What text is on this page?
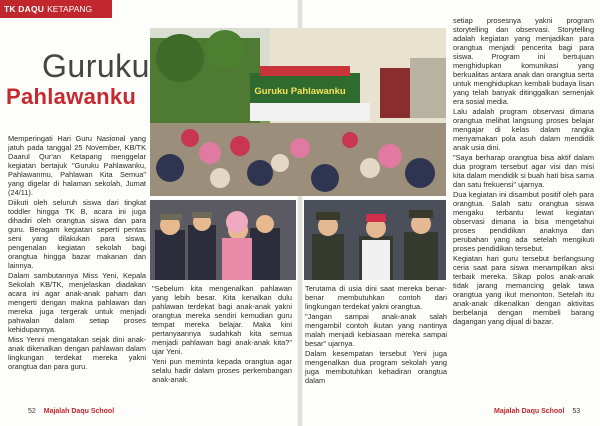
TK DAQU KETAPANG
Guruku
Pahlawanku	Guruku Pahlawanku

Memperingati Hari Guru Nasional yang jatuh pada tanggal 25 November, KB/TK Daarul Qur'an Ketapang menggelar kegiatan bertajuk "Guruku Pahlawanku, Pahlawanmu, Pahlawan Kita Semua" yang digelar di halaman sekolah, Jumat (24/11).

Diikuti oleh seluruh siswa dari tingkat toddler hingga TK B, acara ini juga dihadiri oleh orangtua siswa dan para guru. Beragam kegiatan seperti pentas seni yang dilakukan para siswa, pengenalan kegiatan sekolah bagi orangtua hingga bazar makanan dan lainnya.

Dalam sambutannya Miss Yeni, Kepala Sekolah KB/TK, menjelaskan diadakan acara ini agar anak-anak paham dan mengerti dengan makna pahlawan dan mereka juga tergerak untuk menjadi pahwalan dalam setiap proses kehidupannya.

Miss Yenni mengatakan sejak dini anak-anak dikenalkan dengan pahlawan dalam lingkungan terdekat mereka yakni orangtua dan para guru.

"Sebelum kita mengenalkan pahlawan yang lebih besar. Kita kenalkan dulu pahlawan terdekat bagi anak-anak yakni orangtua mereka sendiri kemudian guru tempat mereka belajar. Maka kini pertanyaannya sudahkah kita semua menjadi pahlawan bagi anak-anak kita?" ujar Yeni.

Yeni pun meminta kepada orangtua agar selalu hadir dalam proses perkembangan anak-anak.

Terutama di usia dini saat mereka benar-benar membutuhkan contoh dari lingkungan terdekat yakni orangtua.

"Jangan sampai anak-anak salah mengambil contoh ikutan yang nantinya malah menjadi kebiasaan mereka sampai besar" ujarnya.

Dalam kesempatan tersebut Yeni juga mengenalkan dua program sekolah yang juga membutuhkan kehadiran orangtua dalam

setiap prosesnya yakni program storytelling dan observasi. Storytelling adalah kegiatan yang menjadikan para orangtua menjadi pencerita bagi para siswa. Program ini bertujuan menghidupkan komunikasi yang berkualitas antara anak dan orangtua serta untuk menghidupkan kembali budaya lisan yang telah banyak ditinggalkan semenjak era sosial media.

Lalu adalah program observasi dimana orangtua melihat langsung proses belajar mengajar di kelas dalam rangka menyamakan pola asuh dalam mendidik anak usia dini.

"Saya berharap orangtua bisa aktif dalam dua program tersebut agar visi dan misi kita dalam mendidik si buah hati bisa sama dan satu frekuensi" ujarnya.

Dua kegiatan ini disambut positif oleh para orangtua. Salah satu orangtua siswa mengaku terbantu lewat kegiatan observasi dimana ia bisa mengetahui proses pendidikan anaknya dan perubahan yang ada setelah mengikuti proses pendidikan tersebut.

Kegiatan hari guru tersebut berlangsung ceria saat para siswa menampilkan aksi terbaik mereka. Sikap polos anak-anak tidak jarang memancing gelak tawa orangtua yang ikut menonton. Setelah itu anak-anak dikenalkan dengan aktivitas berbelanja dengan membeli barang dagangan yang dijual di bazar.

52 Majalah Daqu School	Majalah Daqu School 53
